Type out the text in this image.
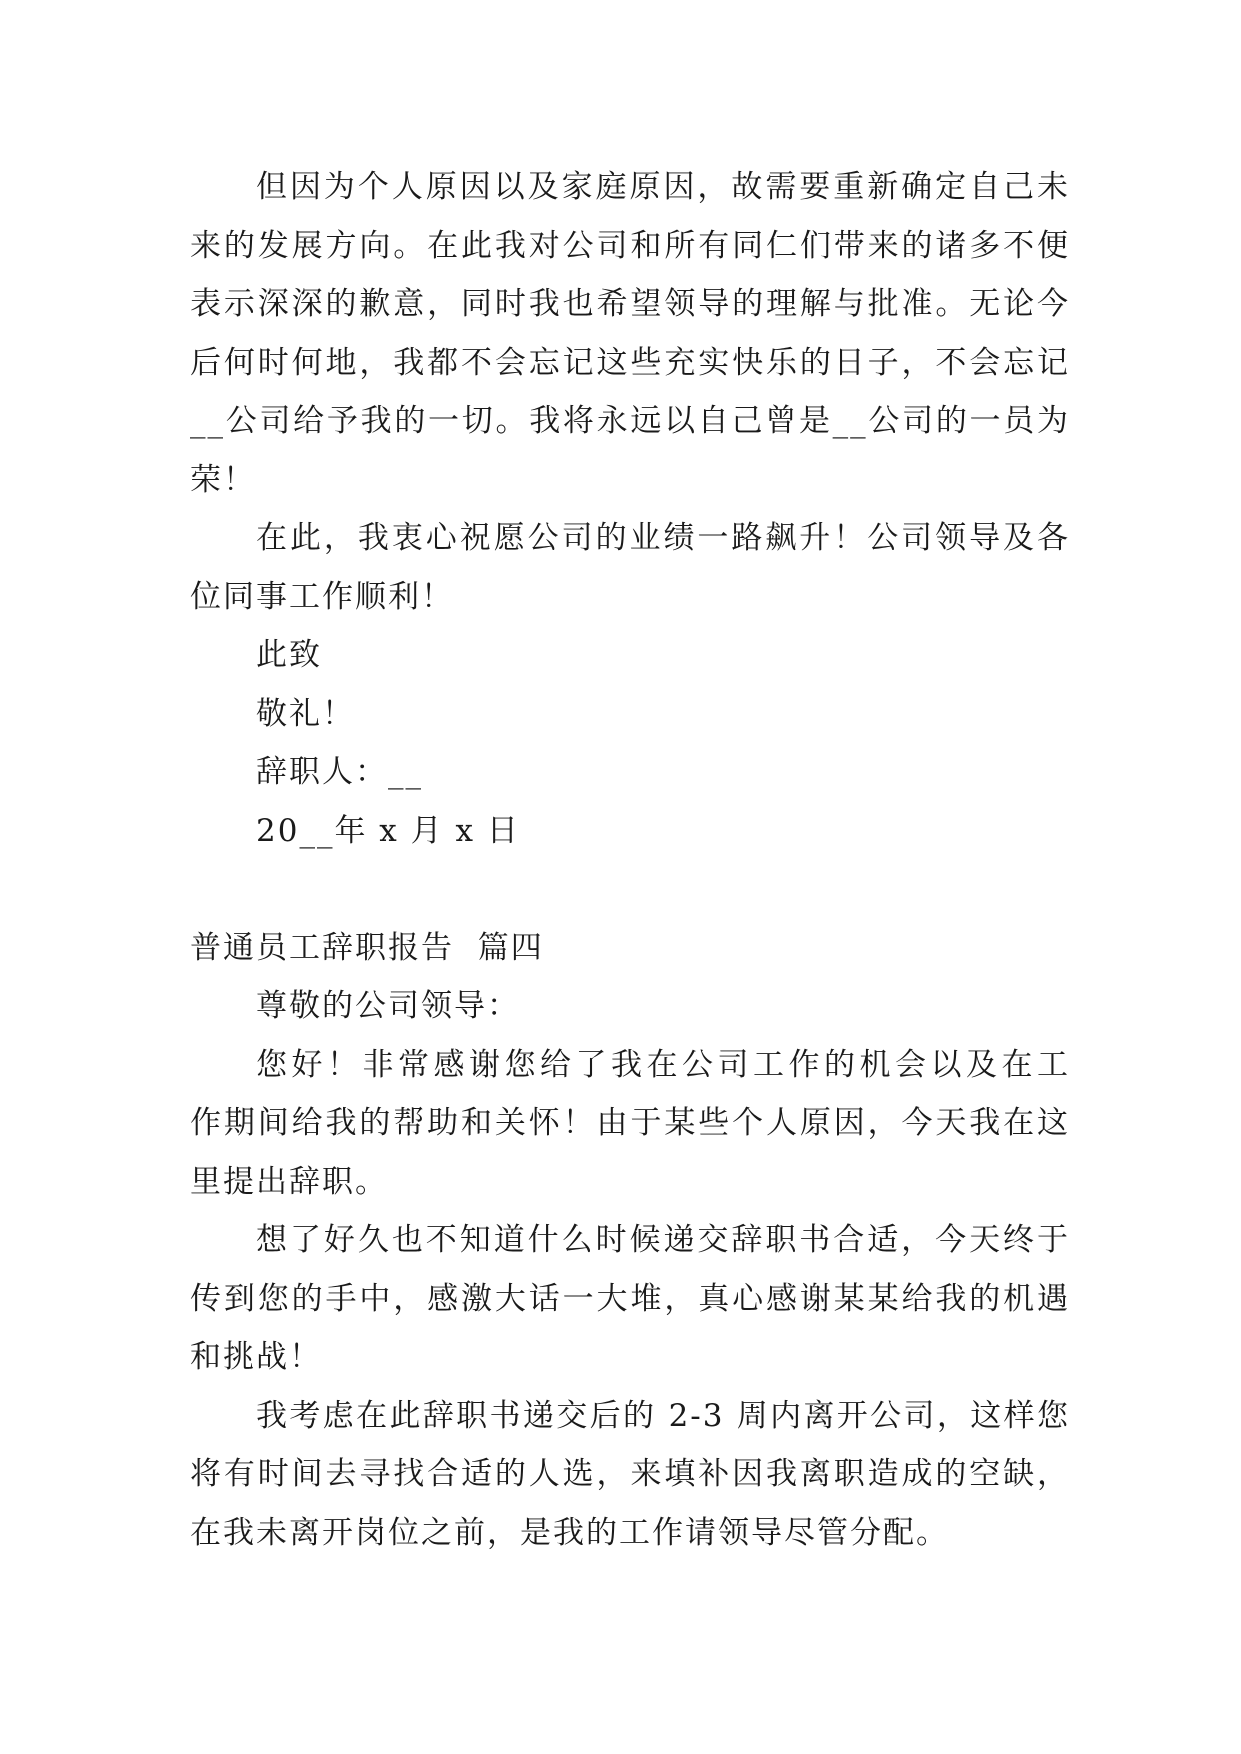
但因为个人原因以及家庭原因，故需要重新确定自己未
来的发展方向。在此我对公司和所有同仁们带来的诸多不便
表示深深的歉意，同时我也希望领导的理解与批准。无论今
后何时何地，我都不会忘记这些充实快乐的日子，不会忘记
__公司给予我的一切。我将永远以自己曾是__公司的一员为
荣！
在此，我衷心祝愿公司的业绩一路飙升！公司领导及各
位同事工作顺利！
此致
敬礼！
辞职人：__
20__年 x 月 x 日
普通员工辞职报告  篇四
尊敬的公司领导：
您好！非常感谢您给了我在公司工作的机会以及在工
作期间给我的帮助和关怀！由于某些个人原因，今天我在这
里提出辞职。
想了好久也不知道什么时候递交辞职书合适，今天终于
传到您的手中，感激大话一大堆，真心感谢某某给我的机遇
和挑战！
我考虑在此辞职书递交后的 2-3 周内离开公司，这样您
将有时间去寻找合适的人选，来填补因我离职造成的空缺，
在我未离开岗位之前，是我的工作请领导尽管分配。
